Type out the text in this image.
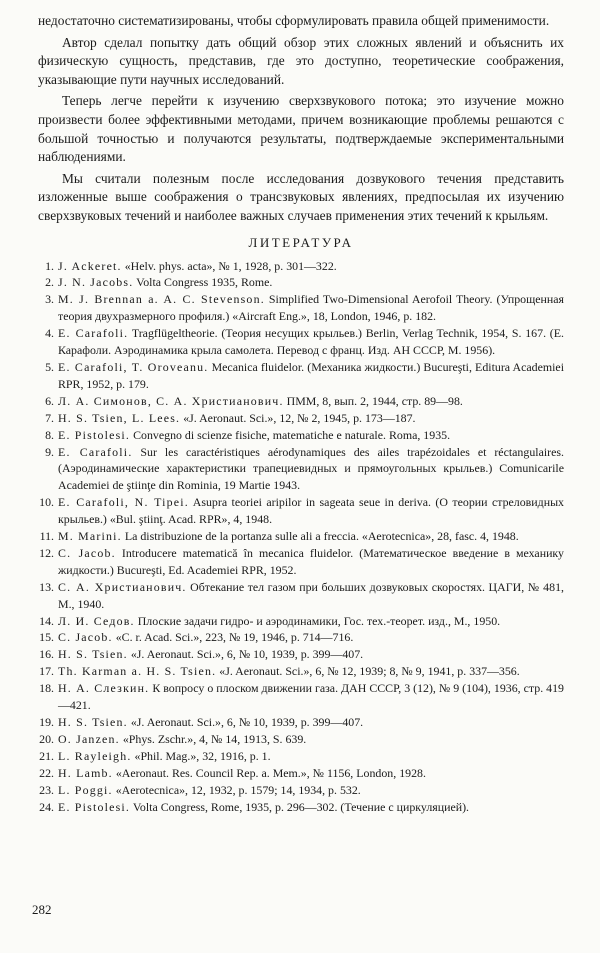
недостаточно систематизированы, чтобы сформулировать правила общей применимости.

Автор сделал попытку дать общий обзор этих сложных явлений и объяснить их физическую сущность, представив, где это доступно, теоретические соображения, указывающие пути научных исследований.

Теперь легче перейти к изучению сверхзвукового потока; это изучение можно произвести более эффективными методами, причем возникающие проблемы решаются с большой точностью и получаются результаты, подтверждаемые экспериментальными наблюдениями.

Мы считали полезным после исследования дозвукового течения представить изложенные выше соображения о трансзвуковых явлениях, предпосылая их изучению сверхзвуковых течений и наиболее важных случаев применения этих течений к крыльям.

ЛИТЕРАТУРА
1 . J. Ackeret. «Helv. phys. acta», № 1, 1928, p. 301—322.
2 . J. N. Jacobs. Volta Congress 1935, Rome.
3 . M. J. Brennan a. A. C. Stevenson. Simplified Two-Dimensional Aerofoil Theory. (Упрощенная теория двухразмерного профиля.) «Aircraft Eng.», 18, London, 1946, p. 182.
4 . E. Carafoli. Tragflügeltheorie. (Теория несущих крыльев.) Berlin, Verlag Technik, 1954, S. 167. (Е. Карафоли. Аэродинамика крыла самолета. Перевод с франц. Изд. АН СССР, М. 1956).
5 . E. Carafoli, T. Oroveanu. Mecanica fluidelor. (Механика жидкости.) Bucureşti, Editura Academiei RPR, 1952, p. 179.
6 . Л. А. Симонов, С. А. Христианович. ПММ, 8, вып. 2, 1944, стр. 89—98.
7 . H. S. Tsien, L. Lees. «J. Aeronaut. Sci.», 12, № 2, 1945, p. 173—187.
8 . E. Pistolesi. Convegno di scienze fisiche, matematiche e naturale. Roma, 1935.
9 . E. Carafoli. Sur les caractéristiques aérodynamiques des ailes trapézoidales et réctangulaires. (Аэродинамические характеристики трапециевидных и прямоугольных крыльев.) Comunicarile Academiei de ştiinţe din Rominia, 19 Martie 1943.
10 . E. Carafoli, N. Tipei. Asupra teoriei aripilor in sageata seue in deriva. (О теории стреловидных крыльев.) «Bul. ştiinţ. Acad. RPR», 4, 1948.
11 . M. Marini. La distribuzione de la portanza sulle ali a freccia. «Aerotecnica», 28, fasc. 4, 1948.
12 . C. Jacob. Introducere matematică în mecanica fluidelor. (Математическое введение в механику жидкости.) Bucureşti, Ed. Academiei RPR, 1952.
13 . С. А. Христианович. Обтекание тел газом при больших дозвуковых скоростях. ЦАГИ, № 481, М., 1940.
14 . Л. И. Седов. Плоские задачи гидро- и аэродинамики, Гос. тех.-теорет. изд., М., 1950.
15 . C. Jacob. «C. r. Acad. Sci.», 223, № 19, 1946, p. 714—716.
16 . H. S. Tsien. «J. Aeronaut. Sci.», 6, № 10, 1939, p. 399—407.
17 . Th. Karman a. H. S. Tsien. «J. Aeronaut. Sci.», 6, № 12, 1939; 8, № 9, 1941, p. 337—356.
18 . Н. А. Слезкин. К вопросу о плоском движении газа. ДАН СССР, 3 (12), № 9 (104), 1936, стр. 419—421.
19 . H. S. Tsien. «J. Aeronaut. Sci.», 6, № 10, 1939, p. 399—407.
20 . O. Janzen. «Phys. Zschr.», 4, № 14, 1913, S. 639.
21 . L. Rayleigh. «Phil. Mag.», 32, 1916, p. 1.
22 . H. Lamb. «Aeronaut. Res. Council Rep. a. Mem.», № 1156, London, 1928.
23 . L. Poggi. «Aerotecnica», 12, 1932, p. 1579; 14, 1934, p. 532.
24 . E. Pistolesi. Volta Congress, Rome, 1935, p. 296—302. (Течение с циркуляцией).
282
